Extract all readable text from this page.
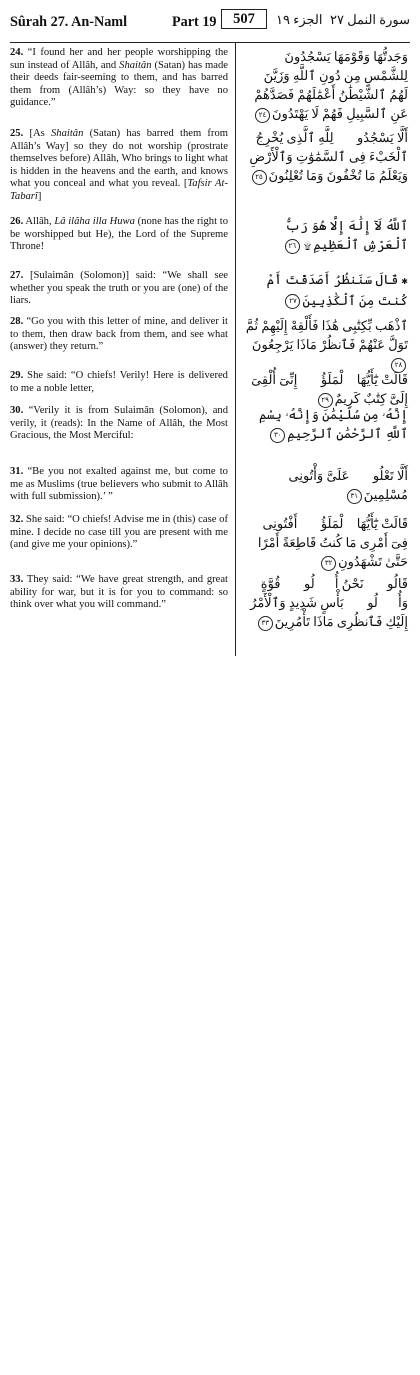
Sûrah 27. An-Naml	Part 19	507	الجزء ١٩ سورة النمل ٢٧
24. “I found her and her people worshipping the sun instead of Allâh, and Shaitân (Satan) has made their deeds fair-seeming to them, and has barred them from (Allâh’s) Way: so they have no guidance.”
وَجَدتُّهَا وَقَوْمَهَا يَسْجُدُونَ لِلشَّمْسِ مِن دُونِ ٱللَّهِ وَزَيَّنَ لَهُمُ ٱلشَّيْطَٰنُ أَعْمَٰلَهُمْ فَصَدَّهُمْ عَنِ ٱلسَّبِيلِ فَهُمْ لَا يَهْتَدُونَ٢٤
25. [As Shaitân (Satan) has barred them from Allâh’s Way] so they do not worship (prostrate themselves before) Allâh, Who brings to light what is hidden in the heavens and the earth, and knows what you conceal and what you reveal. [Tafsir At-Tabarî]
أَلَّا يَسْجُدُوا۟ لِلَّهِ ٱلَّذِى يُخْرِجُ ٱلْخَبْءَ فِى ٱلسَّمَٰوَٰتِ وَٱلْأَرْضِ وَيَعْلَمُ مَا تُخْفُونَ وَمَا تُعْلِنُونَ٢٥
26. Allâh, Lâ ilâha illa Huwa (none has the right to be worshipped but He), the Lord of the Supreme Throne!
ٱللَّهُ لَآ إِلَٰهَ إِلَّا هُوَ رَبُّ ٱلْعَرْشِ ٱلْعَظِيمِ۩٢٦
27. [Sulaimân (Solomon)] said: “We shall see whether you speak the truth or you are (one) of the liars.
✱قَالَ سَنَنظُرُ أَصَدَقْتَ أَمْ كُنتَ مِنَ ٱلْكَٰذِبِينَ٢٧
28. “Go you with this letter of mine, and deliver it to them, then draw back from them, and see what (answer) they return.”
ٱذْهَب بِّكِتَٰبِى هَٰذَا فَأَلْقِهْ إِلَيْهِمْ ثُمَّ تَوَلَّ عَنْهُمْ فَٱنظُرْ مَاذَا يَرْجِعُونَ٢٨
29. She said: “O chiefs! Verily! Here is delivered to me a noble letter,
قَالَتْ يَٰٓأَيُّهَا ٱلْمَلَؤُا۟ إِنِّىٓ أُلْقِىَ إِلَىَّ كِتَٰبٌ كَرِيمٌ٢٩
30. “Verily it is from Sulaimân (Solomon), and verily, it (reads): In the Name of Allâh, the Most Gracious, the Most Merciful:
إِنَّهُۥ مِن سُلَيْمَٰنَ وَإِنَّهُۥ بِسْمِ ٱللَّهِ ٱلرَّحْمَٰنِ ٱلرَّحِيمِ٣٠
31. “Be you not exalted against me, but come to me as Muslims (true believers who submit to Allâh with full submission).’ ”
أَلَّا تَعْلُوا۟ عَلَىَّ وَأْتُونِى مُسْلِمِينَ٣١
32. She said: “O chiefs! Advise me in (this) case of mine. I decide no case till you are present with me (and give me your opinions).”
قَالَتْ يَٰٓأَيُّهَا ٱلْمَلَؤُا۟ أَفْتُونِى فِىٓ أَمْرِى مَا كُنتُ قَاطِعَةً أَمْرًا حَتَّىٰ تَشْهَدُونِ٣٢
33. They said: “We have great strength, and great ability for war, but it is for you to command: so think over what you will command.”
قَالُوا۟ نَحْنُ أُو۟لُوا۟ قُوَّةٍ وَأُو۟لُوا۟ بَأْسٍ شَدِيدٍ وَٱلْأَمْرُ إِلَيْكِ فَٱنظُرِى مَاذَا تَأْمُرِينَ٣٣
